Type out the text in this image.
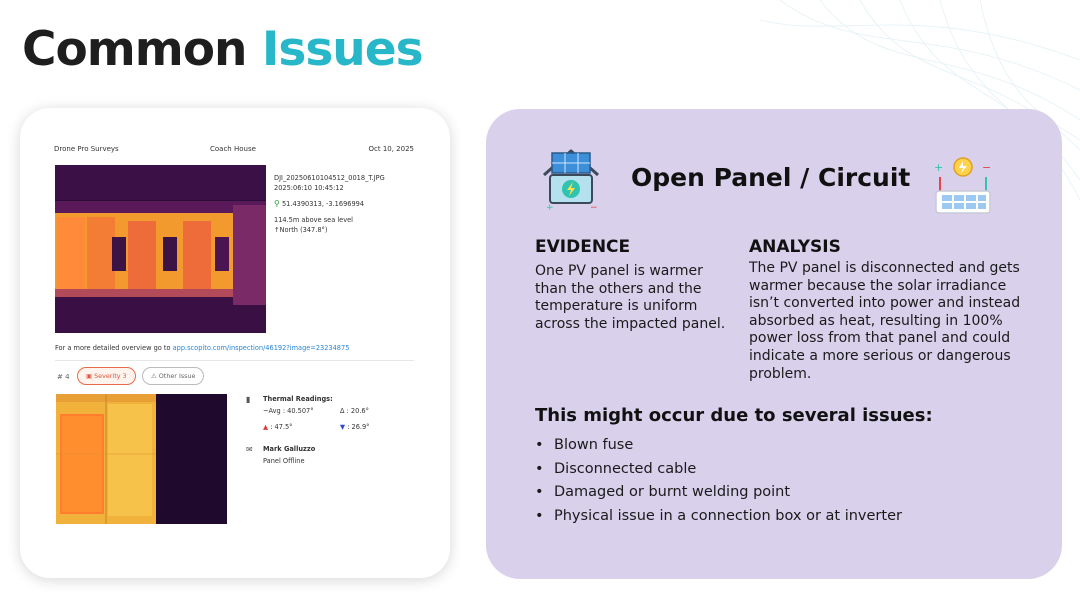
Common Issues
Drone Pro Surveys	Coach House	Oct 10, 2025
DJI_20250610104512_0018_T.JPG
2025:06:10 10:45:12
⚲ 51.4390313, -3.1696994
114.5m above sea level
↑North (347.8°)
For a more detailed overview go to app.scopito.com/inspection/46192?image=23234875
# 4	▣ Severity 3	⚠ Other Issue
▮ Thermal Readings:
~Avg : 40.507°	Δ : 20.6°
▲ : 47.5°	▼ : 26.9°
✉ Mark Galluzzo
Panel Offline
+	−
Open Panel / Circuit +	−
EVIDENCE
One PV panel is warmer than the others and the temperature is uniform across the impacted panel.
ANALYSIS
The PV panel is disconnected and gets warmer because the solar irradiance isn’t converted into power and instead absorbed as heat, resulting in 100% power loss from that panel and could indicate a more serious or dangerous problem.
This might occur due to several issues:
• Blown fuse
• Disconnected cable
• Damaged or burnt welding point
• Physical issue in a connection box or at inverter
